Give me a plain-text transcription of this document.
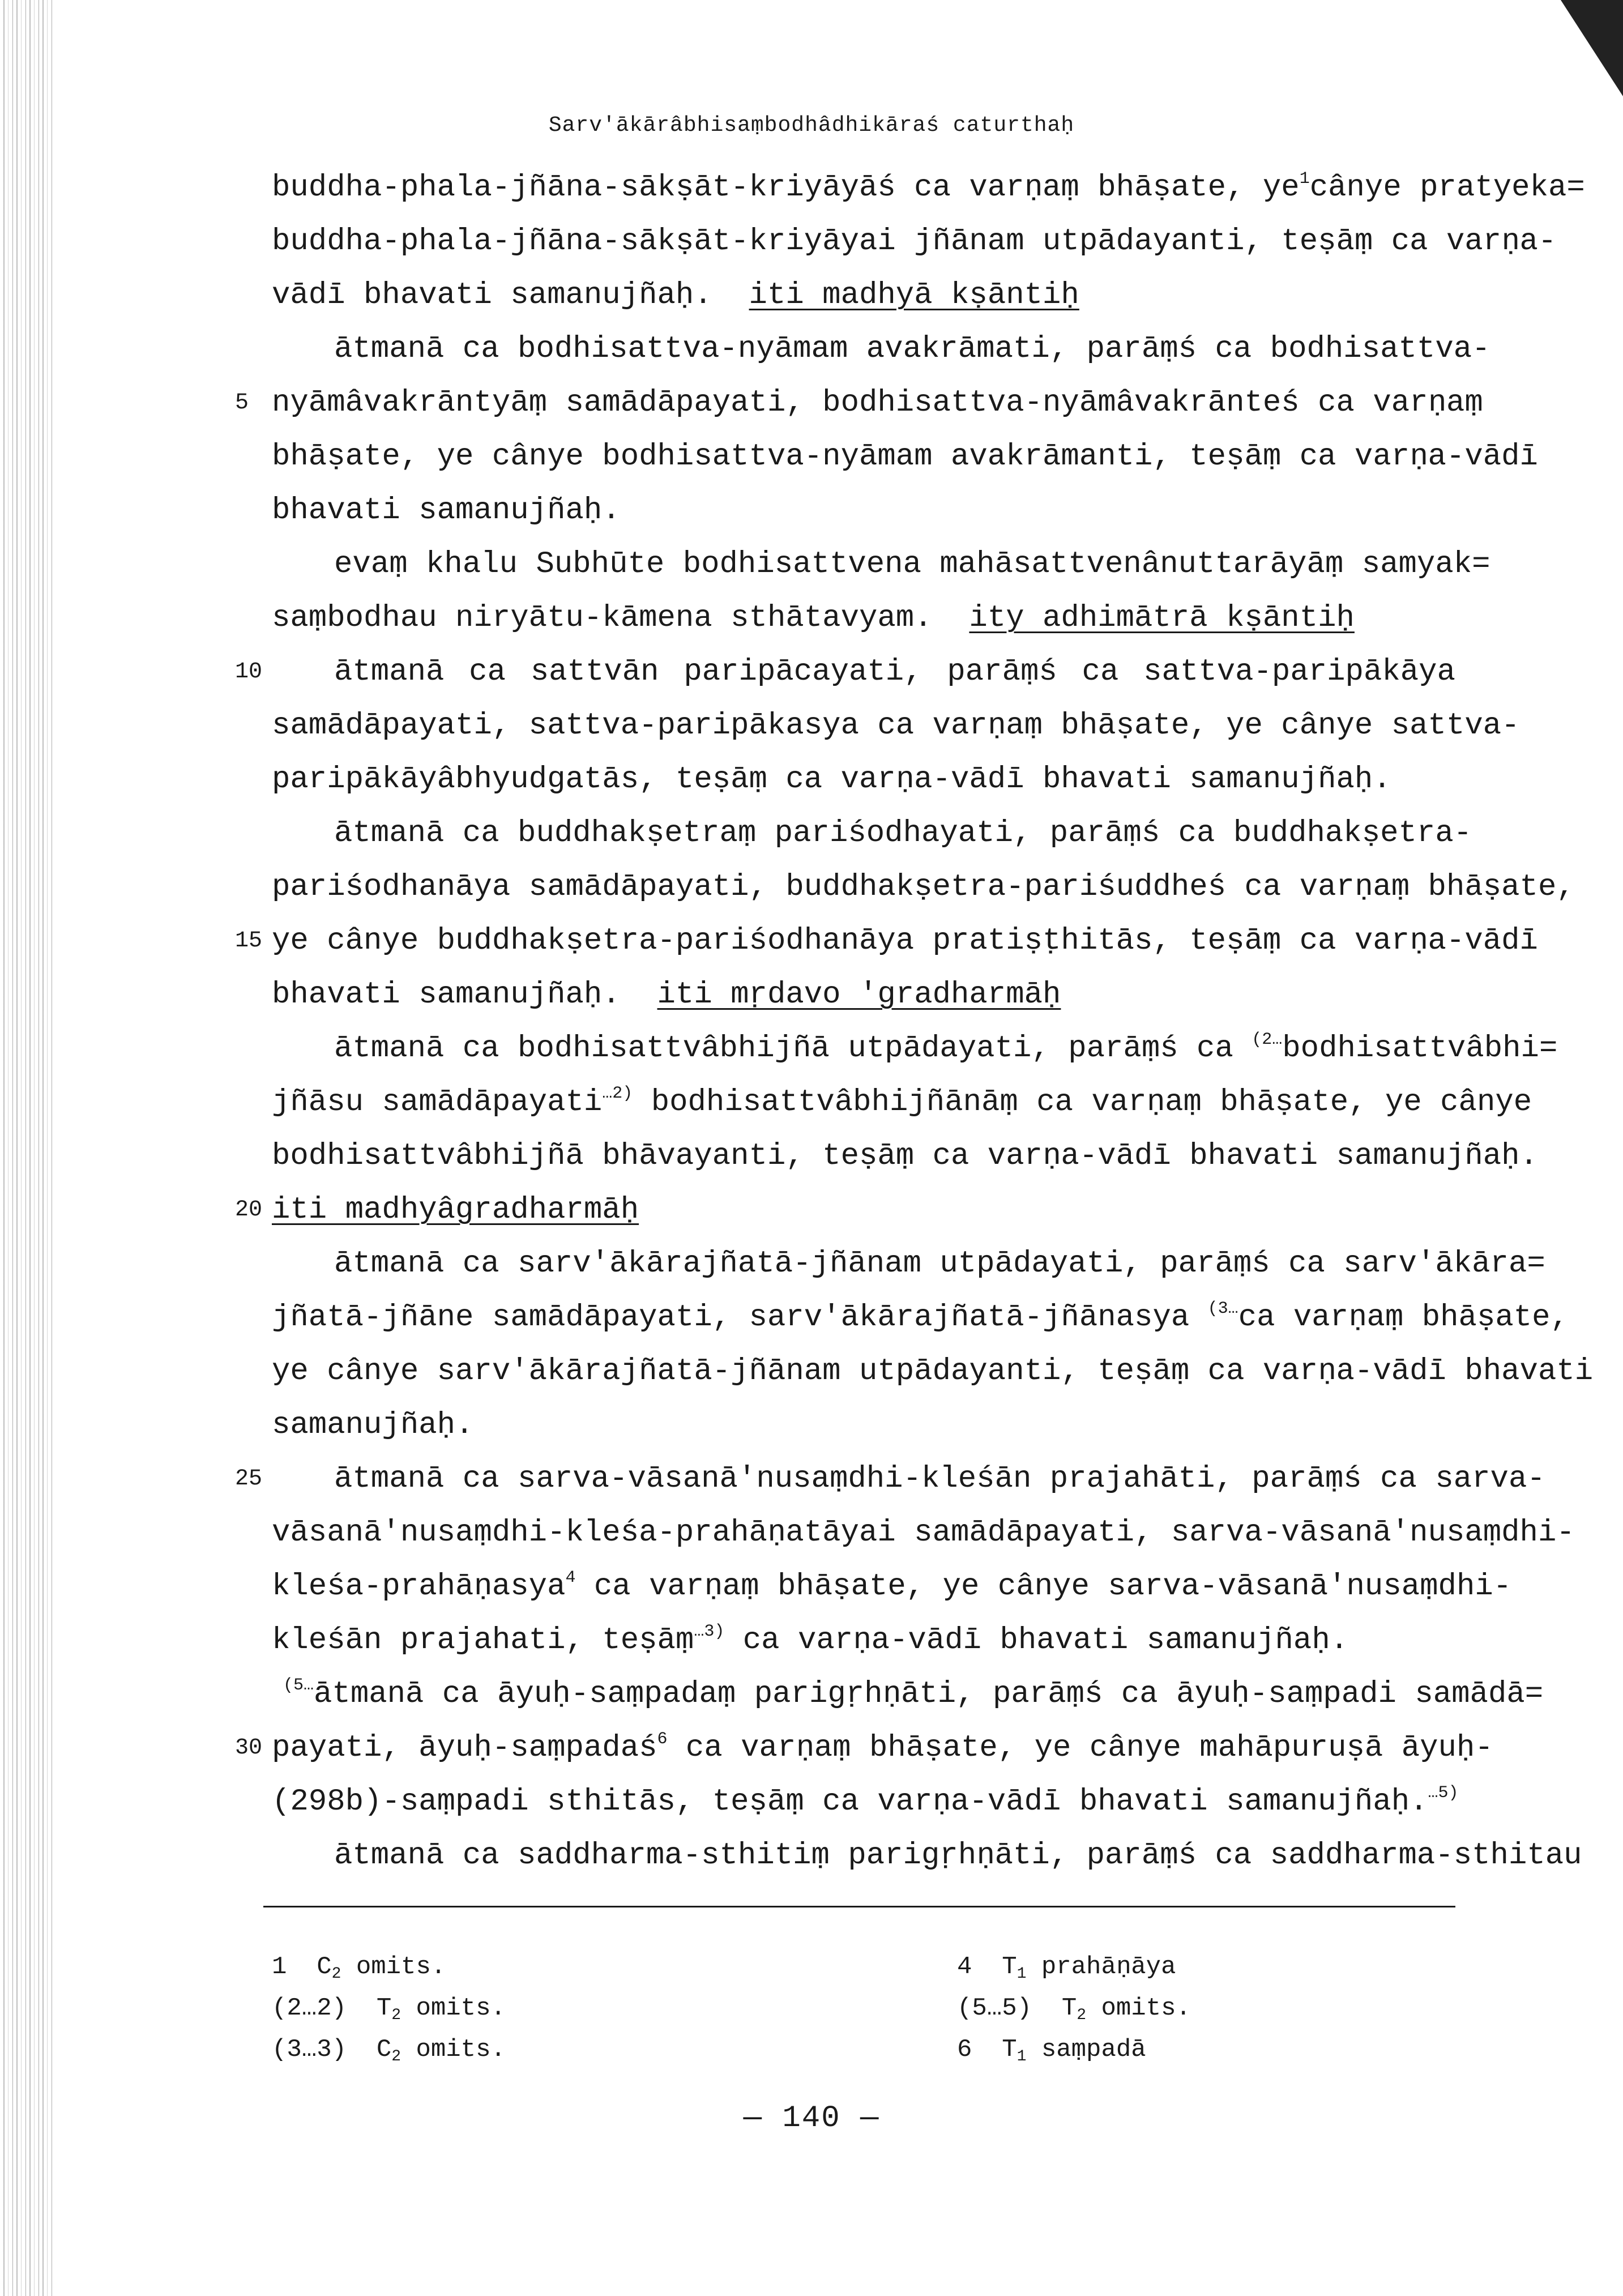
Sarv'ākārâbhisaṃbodhâdhikāraś caturthaḥ
buddha-phala-jñāna-sākṣāt-kriyāyāś ca varṇaṃ bhāṣate, $ye^1cânye$ pratyeka=
buddha-phala-jñāna-sākṣāt-kriyāyai jñānam utpādayanti, teṣāṃ ca varṇa-
vādī bhavati samanujñaḥ. iti madhyā kṣāntiḥ
ātmanā ca bodhisattva-nyāmam avakrāmati, parāṃś ca bodhisattva-
5 nyāmâvakrāntyāṃ samādāpayati, bodhisattva-nyāmâvakrānteś ca varṇaṃ
bhāṣate, ye cânye bodhisattva-nyāmam avakrāmanti, teṣāṃ ca varṇa-vādī
bhavati samanujñaḥ.
evaṃ khalu Subhūte bodhisattvena mahāsattvenânuttarāyāṃ samyak=
saṃbodhau niryātu-kāmena sthātavyam. ity adhimātrā kṣāntiḥ
10 ātmanā ca sattvān paripācayati, parāṃś ca sattva-paripākāya
samādāpayati, sattva-paripākasya ca varṇaṃ bhāṣate, ye cânye sattva-
paripākāyâbhyudgatās, teṣāṃ ca varṇa-vādī bhavati samanujñaḥ.
ātmanā ca buddhakṣetraṃ pariśodhayati, parāṃś ca buddhakṣetra-
pariśodhanāya samādāpayati, buddhakṣetra-pariśuddheś ca varṇaṃ bhāṣate,
15 ye cânye buddhakṣetra-pariśodhanāya pratiṣṭhitās, teṣāṃ ca varṇa-vādī
bhavati samanujñaḥ. iti mṛdavo 'gradharmāḥ
ātmanā ca bodhisattvâbhijñā utpādayati, parāṃś ca $^{(2\dots}$bodhisattvâbhi=
jñāsu samādāpayati$^{\dots 2)}$ bodhisattvâbhijñānāṃ ca varṇaṃ bhāṣate, ye cânye
bodhisattvâbhijñā bhāvayanti, teṣāṃ ca varṇa-vādī bhavati samanujñaḥ.
20 iti madhyâgradharmāḥ
ātmanā ca sarv'ākārajñatā-jñānam utpādayati, parāṃś ca sarv'ākāra=
jñatā-jñāne samādāpayati, sarv'ākārajñatā-jñānasya $^{(3\dots}$ca varṇaṃ bhāṣate,
ye cânye sarv'ākārajñatā-jñānam utpādayanti, teṣāṃ ca varṇa-vādī bhavati
samanujñaḥ.
25 ātmanā ca sarva-vāsanā'nusaṃdhi-kleśān prajahāti, parāṃś ca sarva-
vāsanā'nusaṃdhi-kleśa-prahāṇatāyai samādāpayati, sarva-vāsanā'nusaṃdhi-
kleśa-prahāṇasya$^4$ ca varṇaṃ bhāṣate, ye cânye sarva-vāsanā'nusaṃdhi-
kleśān prajahati, teṣāṃ$^{\dots 3)}$ ca varṇa-vādī bhavati samanujñaḥ.
$^{(5\dots}$ātmanā ca āyuḥ-saṃpadaṃ parigṛhṇāti, parāṃś ca āyuḥ-saṃpadi samādā=
30 payati, āyuḥ-saṃpadaś$^6$ ca varṇaṃ bhāṣate, ye cânye mahāpuruṣā āyuḥ-
(298b)-saṃpadi sthitās, teṣāṃ ca varṇa-vādī bhavati samanujñaḥ.$^{\dots 5)}$
ātmanā ca saddharma-sthitiṃ parigṛhṇāti, parāṃś ca saddharma-sthitau
1 $C_2$ omits.
(2…2) $T_2$ omits.
(3…3) $C_2$ omits.
4 $T_1$ prahāṇāya
(5…5) $T_2$ omits.
6 $T_1$ saṃpadā
— 140 —
